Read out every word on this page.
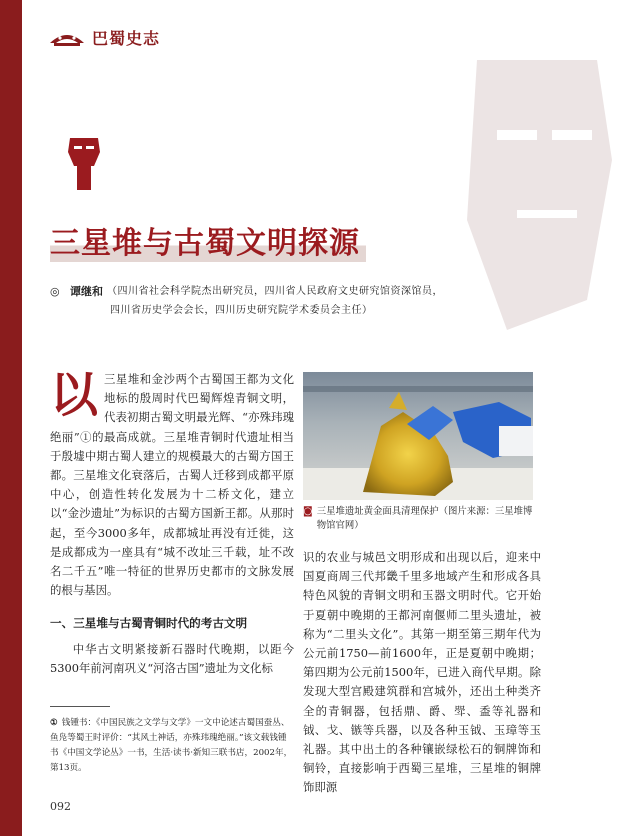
巴蜀史志
三星堆与古蜀文明探源
◎ 谭继和 （四川省社会科学院杰出研究员，四川省人民政府文史研究馆资深馆员，
四川省历史学会会长，四川历史研究院学术委员会主任）
以 三星堆和金沙两个古蜀国王都为文化地标的殷周时代巴蜀辉煌青铜文明，代表初期古蜀文明最光辉、“亦殊玮瑰绝丽”①的最高成就。三星堆青铜时代遗址相当于殷墟中期古蜀人建立的规模最大的古蜀方国王都。三星堆文化衰落后，古蜀人迁移到成都平原中心，创造性转化发展为十二桥文化，建立以“金沙遗址”为标识的古蜀方国新王都。从那时起，至今3000多年，成都城址再没有迁徙，这是成都成为一座具有“城不改址三千载，址不改名二千五”唯一特征的世界历史都市的文脉发展的根与基因。

一、三星堆与古蜀青铜时代的考古文明

中华古文明紧接新石器时代晚期，以距今5300年前河南巩义“河洛古国”遗址为文化标

① 钱锺书：《中国民族之文学与文学》一文中论述古蜀国蚕丛、鱼凫等蜀王时评价：“其风土神话，亦殊玮瑰绝丽。”该文载钱锺书《中国文学论丛》一书，生活·读书·新知三联书店，2002年，第13页。
◙ 三星堆遗址黄金面具清理保护（图片来源：三星堆博物馆官网）

识的农业与城邑文明形成和出现以后，迎来中国夏商周三代邦畿千里多地域产生和形成各具特色风貌的青铜文明和玉器文明时代。它开始于夏朝中晚期的王都河南偃师二里头遗址，被称为“二里头文化”。其第一期至第三期年代为公元前1750—前1600年，正是夏朝中晚期；第四期为公元前1500年，已进入商代早期。除发现大型宫殿建筑群和宫城外，还出土种类齐全的青铜器，包括鼎、爵、斝、盉等礼器和钺、戈、镞等兵器，以及各种玉钺、玉璋等玉礼器。其中出土的各种镶嵌绿松石的铜牌饰和铜铃，直接影响于西蜀三星堆，三星堆的铜牌饰即源

092
